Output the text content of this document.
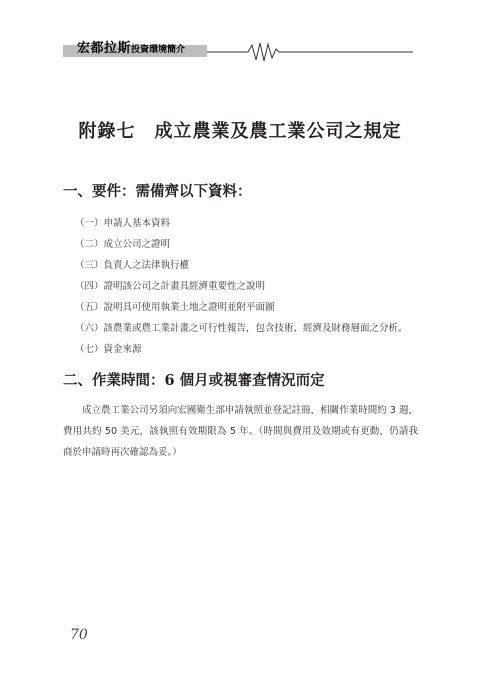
宏都拉斯投資環境簡介
附錄七　成立農業及農工業公司之規定
一、要件：需備齊以下資料：
（一）申請人基本資料
（二）成立公司之證明
（三）負責人之法律執行權
（四）證明該公司之計畫具經濟重要性之說明
（五）說明具可使用執業土地之證明並附平面圖
（六）該農業或農工業計畫之可行性報告，包含技術、經濟及財務層面之分析。
（七）資金來源
二、作業時間：6 個月或視審查情況而定

成立農工業公司另須向宏國衛生部申請執照並登記註冊，相關作業時間約 3 週，費用共約 50 美元，該執照有效期限為 5 年。（時間與費用及效期或有更動，仍請我商於申請時再次確認為妥。）

70
